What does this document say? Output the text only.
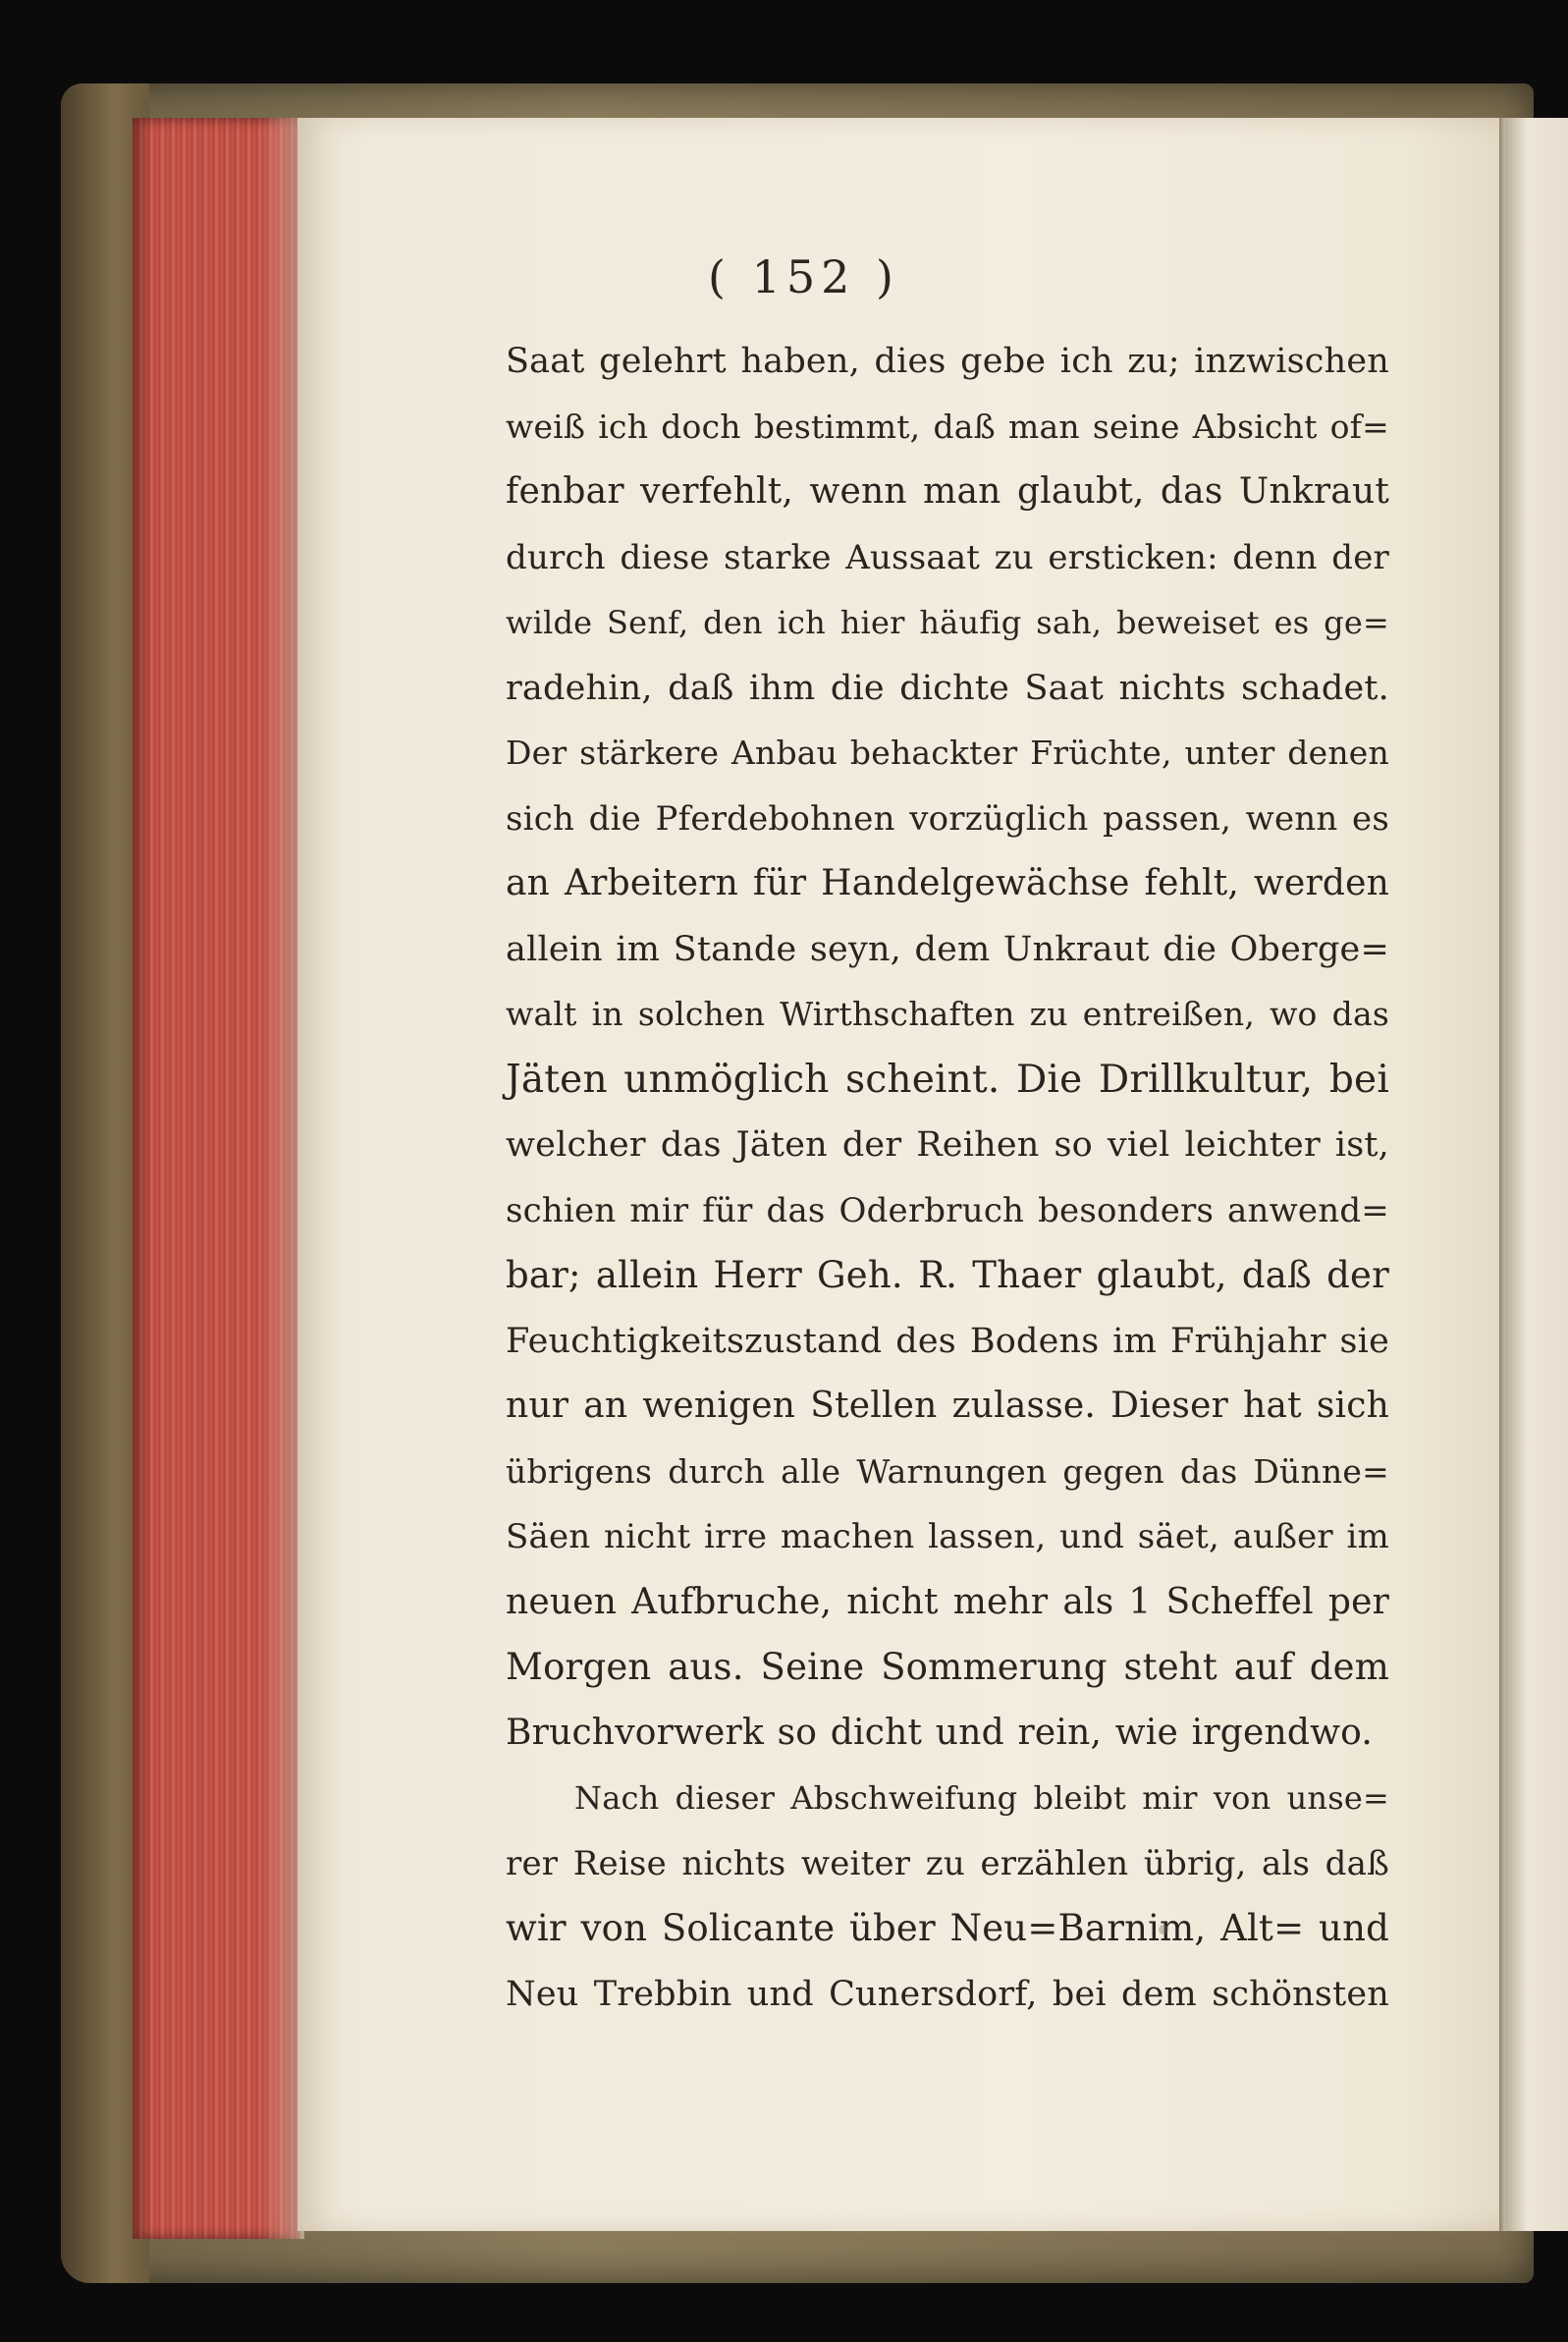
( 152 )
Saat gelehrt haben, dies gebe ich zu; inzwischen
weiß ich doch bestimmt, daß man seine Absicht of=
fenbar verfehlt, wenn man glaubt, das Unkraut
durch diese starke Aussaat zu ersticken: denn der
wilde Senf, den ich hier häufig sah, beweiset es ge=
radehin, daß ihm die dichte Saat nichts schadet.
Der stärkere Anbau behackter Früchte, unter denen
sich die Pferdebohnen vorzüglich passen, wenn es
an Arbeitern für Handelgewächse fehlt, werden
allein im Stande seyn, dem Unkraut die Oberge=
walt in solchen Wirthschaften zu entreißen, wo das
Jäten unmöglich scheint. Die Drillkultur, bei
welcher das Jäten der Reihen so viel leichter ist,
schien mir für das Oderbruch besonders anwend=
bar; allein Herr Geh. R. Thaer glaubt, daß der
Feuchtigkeitszustand des Bodens im Frühjahr sie
nur an wenigen Stellen zulasse. Dieser hat sich
übrigens durch alle Warnungen gegen das Dünne=
Säen nicht irre machen lassen, und säet, außer im
neuen Aufbruche, nicht mehr als 1 Scheffel per
Morgen aus. Seine Sommerung steht auf dem
Bruchvorwerk so dicht und rein, wie irgendwo.
Nach dieser Abschweifung bleibt mir von unse=
rer Reise nichts weiter zu erzählen übrig, als daß
wir von Solicante über Neu=Barnim, Alt= und
Neu Trebbin und Cunersdorf, bei dem schönsten
